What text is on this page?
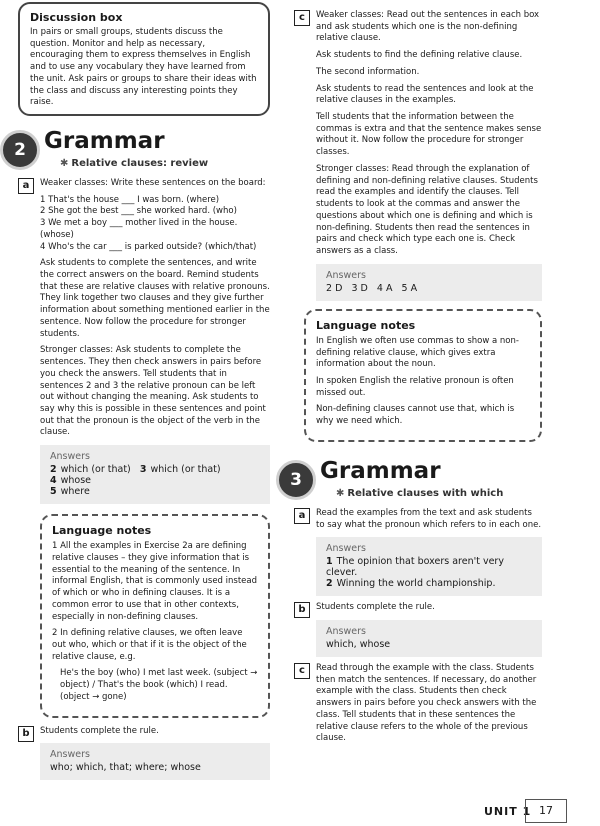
Discussion box
In pairs or small groups, students discuss the question. Monitor and help as necessary, encouraging them to express themselves in English and to use any vocabulary they have learned from the unit. Ask pairs or groups to share their ideas with the class and discuss any interesting points they raise.
2 Grammar
✱ Relative clauses: review
a	Weaker classes: Write these sentences on the board:

1 That's the house ___ I was born. (where)
2 She got the best ___ she worked hard. (who)
3 We met a boy ___ mother lived in the house. (whose)
4 Who's the car ___ is parked outside? (which/that)

Ask students to complete the sentences, and write the correct answers on the board. Remind students that these are relative clauses with relative pronouns. They link together two clauses and they give further information about something mentioned earlier in the sentence. Now follow the procedure for stronger students.

Stronger classes: Ask students to complete the sentences. They then check answers in pairs before you check the answers. Tell students that in sentences 2 and 3 the relative pronoun can be left out without changing the meaning. Ask students to say why this is possible in these sentences and point out that the pronoun is the object of the verb in the clause.

Answers
2 which (or that) 3 which (or that)   4 whose
5 where
Language notes

1 All the examples in Exercise 2a are defining relative clauses – they give information that is essential to the meaning of the sentence. In informal English, that is commonly used instead of which or who in defining clauses. It is a common error to use that in other contexts, especially in non-defining clauses.

2 In defining relative clauses, we often leave out who, which or that if it is the object of the relative clause, e.g.

He's the boy (who) I met last week. (subject → object) / That's the book (which) I read. (object → gone)

b	Students complete the rule.

Answers
who; which, that; where; whose
c	Weaker classes: Read out the sentences in each box and ask students which one is the non-defining relative clause.

Ask students to find the defining relative clause.

The second information.

Ask students to read the sentences and look at the relative clauses in the examples.

Tell students that the information between the commas is extra and that the sentence makes sense without it. Now follow the procedure for stronger classes.

Stronger classes: Read through the explanation of defining and non-defining relative clauses. Students read the examples and identify the clauses. Tell students to look at the commas and answer the questions about which one is defining and which is non-defining. Students then read the sentences in pairs and check which type each one is. Check answers as a class.

Answers
2 D   3 D   4 A   5 A
Language notes

In English we often use commas to show a non-defining relative clause, which gives extra information about the noun.

In spoken English the relative pronoun is often missed out.

Non-defining clauses cannot use that, which is why we need which.

3 Grammar
✱ Relative clauses with which
a	Read the examples from the text and ask students to say what the pronoun which refers to in each one.

Answers
1 The opinion that boxers aren't very clever.
2 Winning the world championship.
b	Students complete the rule.

Answers
which, whose
c	Read through the example with the class. Students then match the sentences. If necessary, do another example with the class. Students then check answers in pairs before you check answers with the class. Tell students that in these sentences the relative clause refers to the whole of the previous clause.

UNIT 1 17
